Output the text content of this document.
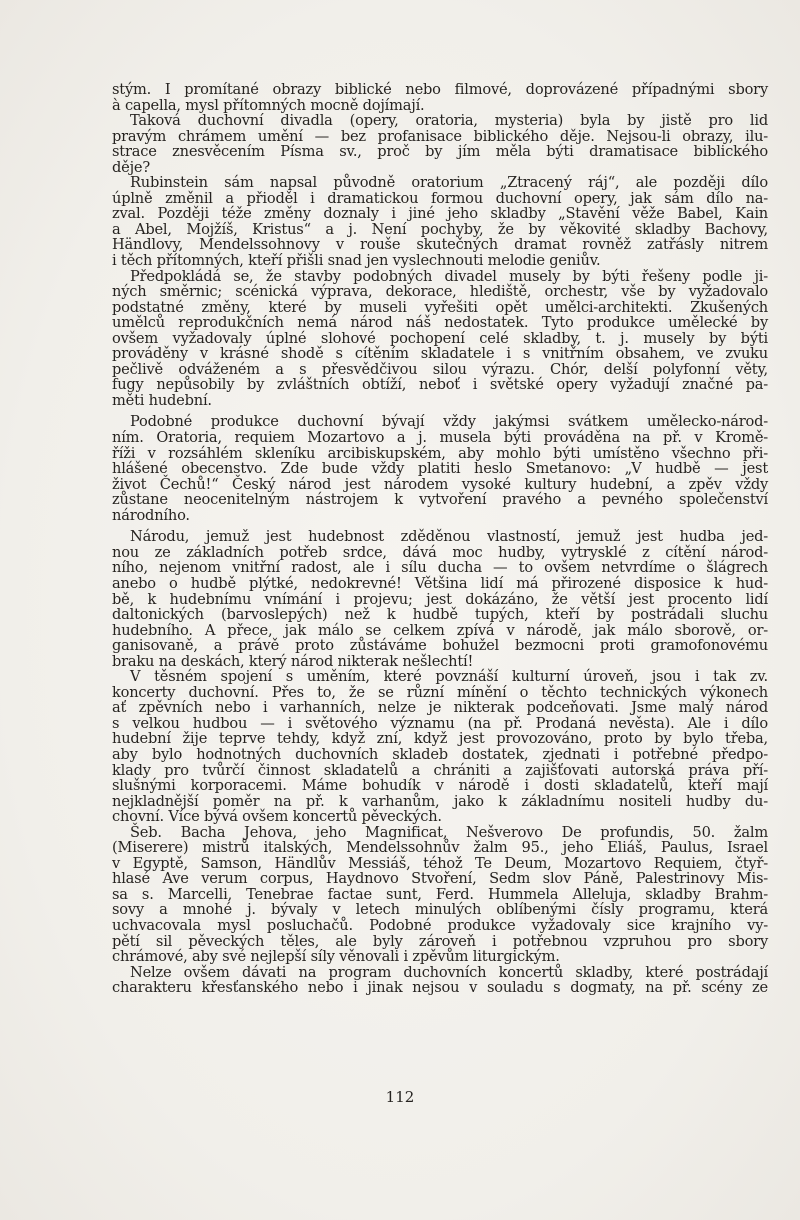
stým. I promítané obrazy biblické nebo filmové, doprovázené případnými sbory
à capella, mysl přítomných mocně dojímají.
Taková duchovní divadla (opery, oratoria, mysteria) byla by jistě pro lid
pravým chrámem umění — bez profanisace biblického děje. Nejsou-li obrazy, ilu-
strace znesvěcením Písma sv., proč by jím měla býti dramatisace biblického
děje?
Rubinstein sám napsal původně oratorium „Ztracený ráj“, ale později dílo
úplně změnil a přioděl i dramatickou formou duchovní opery, jak sám dílo na-
zval. Později téže změny doznaly i jiné jeho skladby „Stavění věže Babel, Kain
a Abel, Mojžíš, Kristus“ a j. Není pochyby, že by věkovité skladby Bachovy,
Händlovy, Mendelssohnovy v rouše skutečných dramat rovněž zatřásly nitrem
i těch přítomných, kteří přišli snad jen vyslechnouti melodie geniův.
Předpokládá se, že stavby podobných divadel musely by býti řešeny podle ji-
ných směrnic; scénická výprava, dekorace, hlediště, orchestr, vše by vyžadovalo
podstatné změny, které by museli vyřešiti opět umělci-architekti. Zkušených
umělců reprodukčních nemá národ náš nedostatek. Tyto produkce umělecké by
ovšem vyžadovaly úplné slohové pochopení celé skladby, t. j. musely by býti
prováděny v krásné shodě s cítěním skladatele i s vnitřním obsahem, ve zvuku
pečlivě odváženém a s přesvědčivou silou výrazu. Chór, delší polyfonní věty,
fugy nepůsobily by zvláštních obtíží, neboť i světské opery vyžadují značné pa-
měti hudební.
Podobné produkce duchovní bývají vždy jakýmsi svátkem umělecko-národ-
ním. Oratoria, requiem Mozartovo a j. musela býti prováděna na př. v Kromě-
říži v rozsáhlém skleníku arcibiskupském, aby mohlo býti umístěno všechno při-
hlášené obecenstvo. Zde bude vždy platiti heslo Smetanovo: „V hudbě — jest
život Čechů!“ Český národ jest národem vysoké kultury hudební, a zpěv vždy
zůstane neocenitelným nástrojem k vytvoření pravého a pevného společenství
národního.
Národu, jemuž jest hudebnost zděděnou vlastností, jemuž jest hudba jed-
nou ze základních potřeb srdce, dává moc hudby, vytrysklé z cítění národ-
ního, nejenom vnitřní radost, ale i sílu ducha — to ovšem netvrdíme o šlágrech
anebo o hudbě plýtké, nedokrevné! Většina lidí má přirozené disposice k hud-
bě, k hudebnímu vnímání i projevu; jest dokázáno, že větší jest procento lidí
daltonických (barvoslepých) než k hudbě tupých, kteří by postrádali sluchu
hudebního. A přece, jak málo se celkem zpívá v národě, jak málo sborově, or-
ganisovaně, a právě proto zůstáváme bohužel bezmocni proti gramofonovému
braku na deskách, který národ nikterak nešlechtí!
V těsném spojení s uměním, které povznáší kulturní úroveň, jsou i tak zv.
koncerty duchovní. Přes to, že se různí mínění o těchto technických výkonech
ať zpěvních nebo i varhanních, nelze je nikterak podceňovati. Jsme malý národ
s velkou hudbou — i světového významu (na př. Prodaná nevěsta). Ale i dílo
hudební žije teprve tehdy, když zní, když jest provozováno, proto by bylo třeba,
aby bylo hodnotných duchovních skladeb dostatek, zjednati i potřebné předpo-
klady pro tvůrčí činnost skladatelů a chrániti a zajišťovati autorská práva pří-
slušnými korporacemi. Máme bohudík v národě i dosti skladatelů, kteří mají
nejkladnější poměr na př. k varhanům, jako k základnímu nositeli hudby du-
chovní. Více bývá ovšem koncertů pěveckých.
Šeb. Bacha Jehova, jeho Magnificat, Nešverovo De profundis, 50. žalm
(Miserere) mistrů italských, Mendelssohnův žalm 95., jeho Eliáš, Paulus, Israel
v Egyptě, Samson, Händlův Messiáš, téhož Te Deum, Mozartovo Requiem, čtyř-
hlasé Ave verum corpus, Haydnovo Stvoření, Sedm slov Páně, Palestrinovy Mis-
sa s. Marcelli, Tenebrae factae sunt, Ferd. Hummela Alleluja, skladby Brahm-
sovy a mnohé j. bývaly v letech minulých oblíbenými čísly programu, která
uchvacovala mysl posluchačů. Podobné produkce vyžadovaly sice krajního vy-
pětí sil pěveckých těles, ale byly zároveň i potřebnou vzpruhou pro sbory
chrámové, aby své nejlepší síly věnovali i zpěvům liturgickým.
Nelze ovšem dávati na program duchovních koncertů skladby, které postrádají
charakteru křesťanského nebo i jinak nejsou v souladu s dogmaty, na př. scény ze
112
